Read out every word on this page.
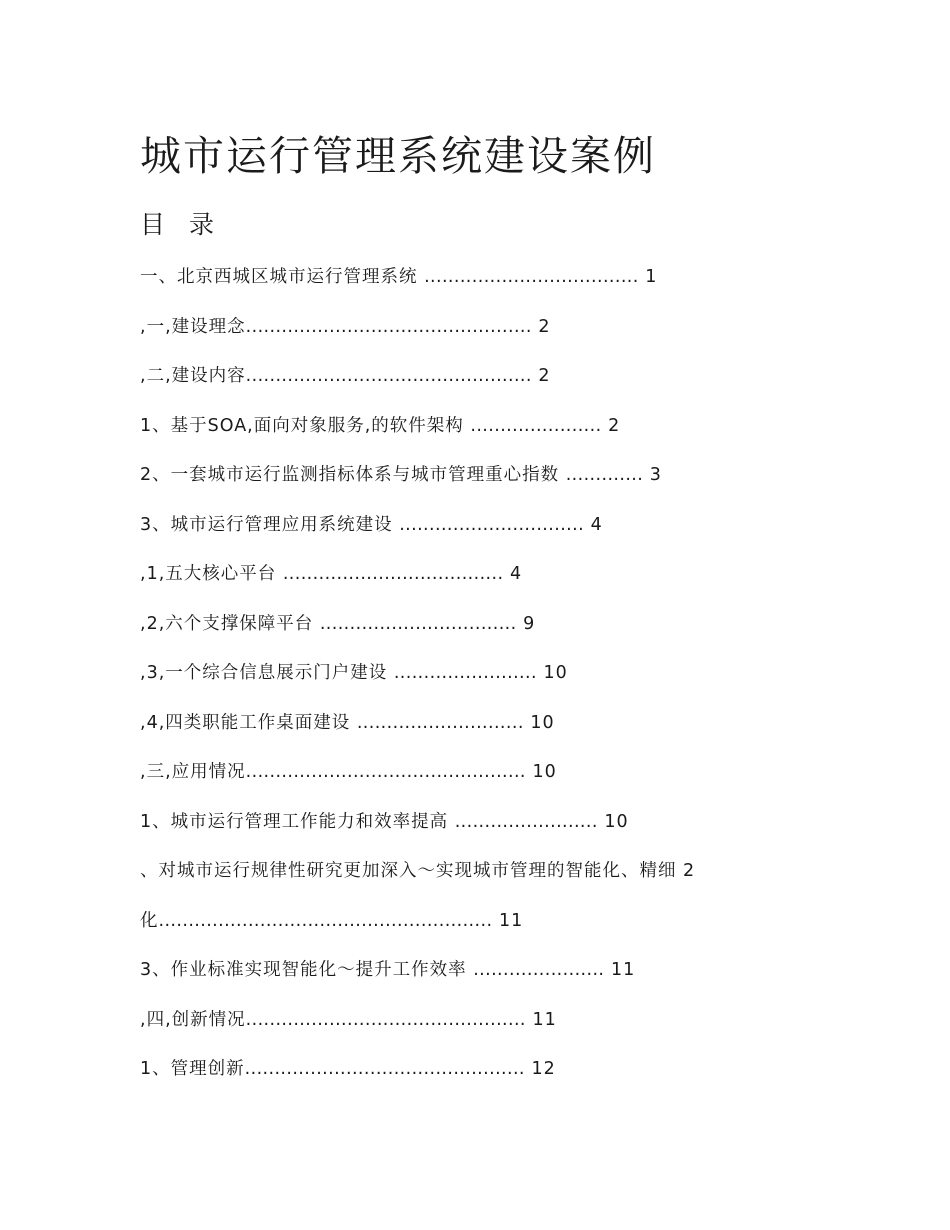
城市运行管理系统建设案例
目 录
一、北京西城区城市运行管理系统 .................................... 1
,一,建设理念................................................ 2
,二,建设内容................................................ 2
1、基于SOA,面向对象服务,的软件架构 ...................... 2
2、一套城市运行监测指标体系与城市管理重心指数 ............. 3
3、城市运行管理应用系统建设 ............................... 4
,1,五大核心平台 ..................................... 4
,2,六个支撑保障平台 ................................. 9
,3,一个综合信息展示门户建设 ........................ 10
,4,四类职能工作桌面建设 ............................ 10
,三,应用情况............................................... 10
1、城市运行管理工作能力和效率提高 ........................ 10
、对城市运行规律性研究更加深入～实现城市管理的智能化、精细 2
化........................................................ 11
3、作业标准实现智能化～提升工作效率 ...................... 11
,四,创新情况............................................... 11
1、管理创新............................................... 12
